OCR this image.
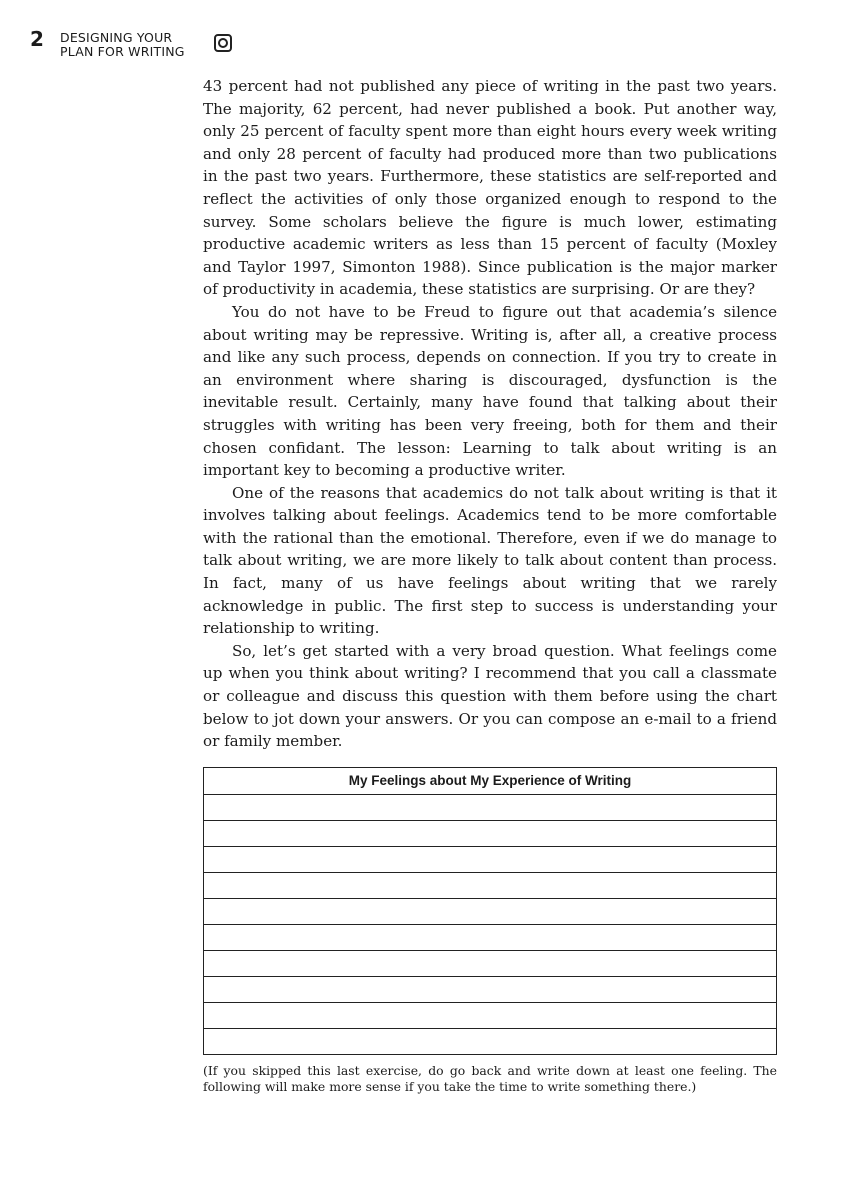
2 DESIGNING YOUR
PLAN FOR WRITING

43 percent had not published any piece of writing in the past two years. The majority, 62 percent, had never published a book. Put another way, only 25 percent of faculty spent more than eight hours every week writing and only 28 percent of faculty had produced more than two publications in the past two years. Furthermore, these statistics are self-reported and reflect the activities of only those organized enough to respond to the survey. Some scholars believe the figure is much lower, estimating productive academic writers as less than 15 percent of faculty (Moxley and Taylor 1997, Simonton 1988). Since publication is the major marker of productivity in academia, these statistics are surprising. Or are they?

You do not have to be Freud to figure out that academia’s silence about writing may be repressive. Writing is, after all, a creative process and like any such process, depends on connection. If you try to create in an environment where sharing is discouraged, dysfunction is the inevitable result. Certainly, many have found that talking about their struggles with writing has been very freeing, both for them and their chosen confidant. The lesson: Learning to talk about writing is an important key to becoming a productive writer.

One of the reasons that academics do not talk about writing is that it involves talking about feelings. Academics tend to be more comfortable with the rational than the emotional. Therefore, even if we do manage to talk about writing, we are more likely to talk about content than process. In fact, many of us have feelings about writing that we rarely acknowledge in public. The first step to success is understanding your relationship to writing.

So, let’s get started with a very broad question. What feelings come up when you think about writing? I recommend that you call a classmate or colleague and discuss this question with them before using the chart below to jot down your answers. Or you can compose an e-mail to a friend or family member.

My Feelings about My Experience of Writing
(If you skipped this last exercise, do go back and write down at least one feeling. The following will make more sense if you take the time to write something there.)
